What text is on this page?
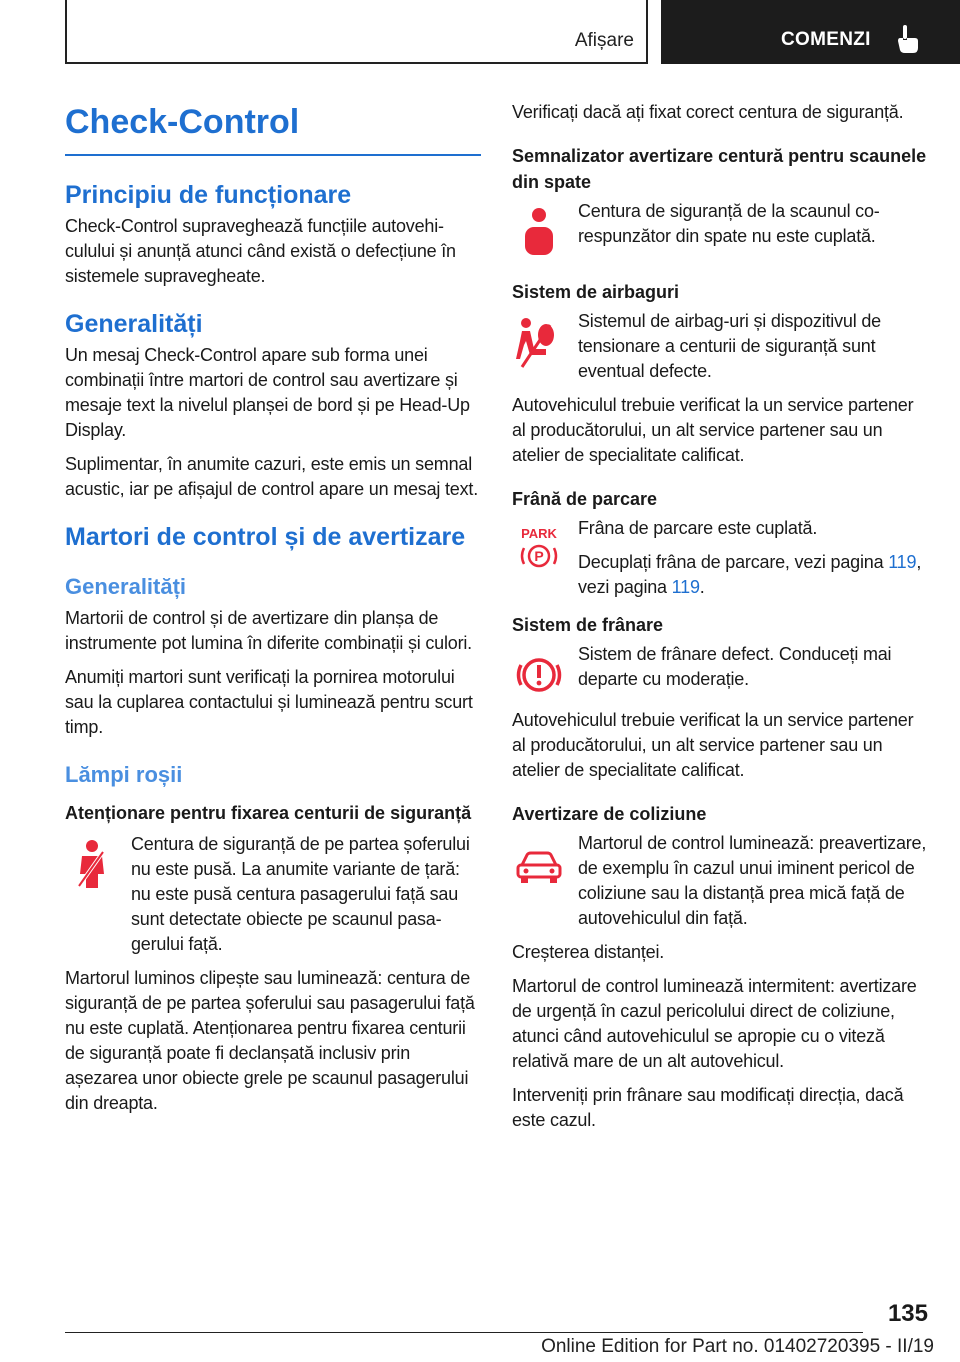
Afișare	COMENZI
Check-Control
Principiu de funcționare

Check-Control supraveghează funcțiile autovehiculului și anunță atunci când există o defecțiune în sistemele supravegheate.

Generalități

Un mesaj Check-Control apare sub forma unei combinații între martori de control sau avertizare și mesaje text la nivelul planșei de bord și pe Head-Up Display.

Suplimentar, în anumite cazuri, este emis un semnal acustic, iar pe afișajul de control apare un mesaj text.

Martori de control și de avertizare
Generalități

Martorii de control și de avertizare din planșa de instrumente pot lumina în diferite combinații și culori.

Anumiți martori sunt verificați la pornirea motorului sau la cuplarea contactului și luminează pentru scurt timp.

Lămpi roșii

Atenționare pentru fixarea centurii de siguranță

Centura de siguranță de pe partea șoferului nu este pusă. La anumite variante de țară: nu este pusă centura pasagerului față sau sunt detectate obiecte pe scaunul pasagerului față.

Martorul luminos clipește sau luminează: centura de siguranță de pe partea șoferului sau pasagerului față nu este cuplată. Atenționarea pentru fixarea centurii de siguranță poate fi declanșată inclusiv prin așezarea unor obiecte grele pe scaunul pasagerului din dreapta.

Verificați dacă ați fixat corect centura de siguranță.

Semnalizator avertizare centură pentru scaunele din spate

Centura de siguranță de la scaunul corespunzător din spate nu este cuplată.

Sistem de airbaguri

Sistemul de airbag-uri și dispozitivul de tensionare a centurii de siguranță sunt eventual defecte.

Autovehiculul trebuie verificat la un service partener al producătorului, un alt service partener sau un atelier de specialitate calificat.

Frână de parcare

PARK
P

Frâna de parcare este cuplată.

Decuplați frâna de parcare, vezi pagina 119, vezi pagina 119.

Sistem de frânare

Sistem de frânare defect. Conduceți mai departe cu moderație.

Autovehiculul trebuie verificat la un service partener al producătorului, un alt service partener sau un atelier de specialitate calificat.

Avertizare de coliziune

Martorul de control luminează: preavertizare, de exemplu în cazul unui iminent pericol de coliziune sau la distanță prea mică față de autovehiculul din față.

Creșterea distanței.

Martorul de control luminează intermitent: avertizare de urgență în cazul pericolului direct de coliziune, atunci când autovehiculul se apropie cu o viteză relativă mare de un alt autovehicul.

Interveniți prin frânare sau modificați direcția, dacă este cazul.

135
Online Edition for Part no. 01402720395 - II/19
